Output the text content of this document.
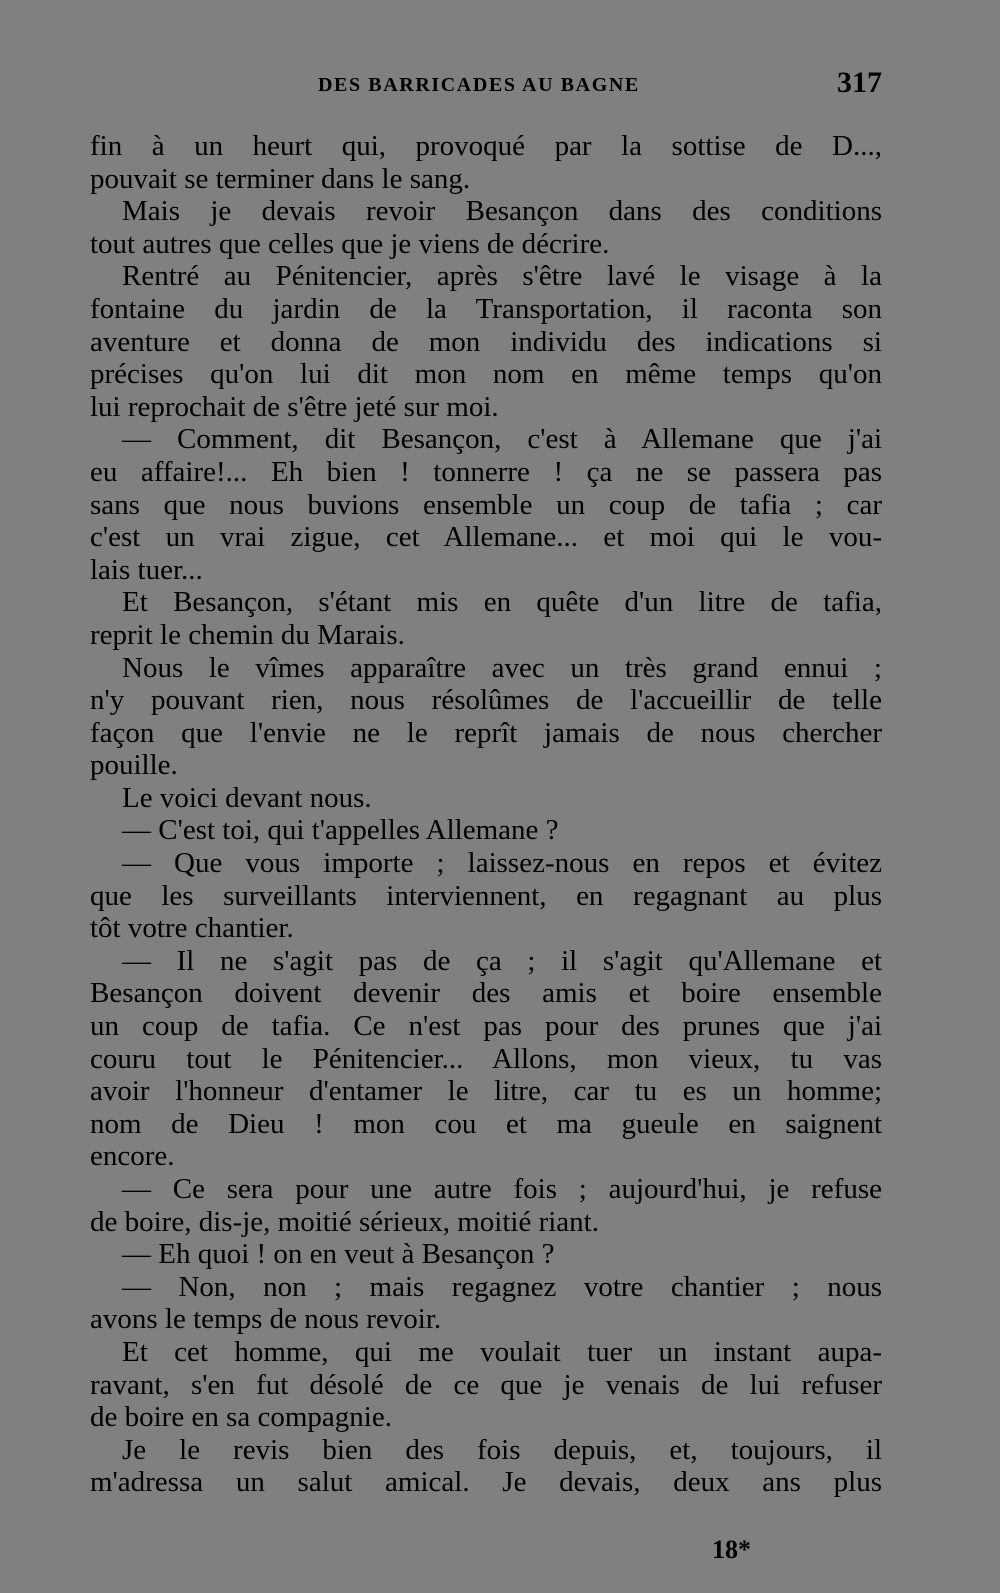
DES BARRICADES AU BAGNE	317
fin à un heurt qui, provoqué par la sottise de D...,
pouvait se terminer dans le sang.
Mais je devais revoir Besançon dans des conditions
tout autres que celles que je viens de décrire.
Rentré au Pénitencier, après s'être lavé le visage à la
fontaine du jardin de la Transportation, il raconta son
aventure et donna de mon individu des indications si
précises qu'on lui dit mon nom en même temps qu'on
lui reprochait de s'être jeté sur moi.
— Comment, dit Besançon, c'est à Allemane que j'ai
eu affaire!... Eh bien ! tonnerre ! ça ne se passera pas
sans que nous buvions ensemble un coup de tafia ; car
c'est un vrai zigue, cet Allemane... et moi qui le vou-
lais tuer...
Et Besançon, s'étant mis en quête d'un litre de tafia,
reprit le chemin du Marais.
Nous le vîmes apparaître avec un très grand ennui ;
n'y pouvant rien, nous résolûmes de l'accueillir de telle
façon que l'envie ne le reprît jamais de nous chercher
pouille.
Le voici devant nous.
— C'est toi, qui t'appelles Allemane ?
— Que vous importe ; laissez-nous en repos et évitez
que les surveillants interviennent, en regagnant au plus
tôt votre chantier.
— Il ne s'agit pas de ça ; il s'agit qu'Allemane et
Besançon doivent devenir des amis et boire ensemble
un coup de tafia. Ce n'est pas pour des prunes que j'ai
couru tout le Pénitencier... Allons, mon vieux, tu vas
avoir l'honneur d'entamer le litre, car tu es un homme;
nom de Dieu ! mon cou et ma gueule en saignent
encore.
— Ce sera pour une autre fois ; aujourd'hui, je refuse
de boire, dis-je, moitié sérieux, moitié riant.
— Eh quoi ! on en veut à Besançon ?
— Non, non ; mais regagnez votre chantier ; nous
avons le temps de nous revoir.
Et cet homme, qui me voulait tuer un instant aupa-
ravant, s'en fut désolé de ce que je venais de lui refuser
de boire en sa compagnie.
Je le revis bien des fois depuis, et, toujours, il
m'adressa un salut amical. Je devais, deux ans plus
18*
